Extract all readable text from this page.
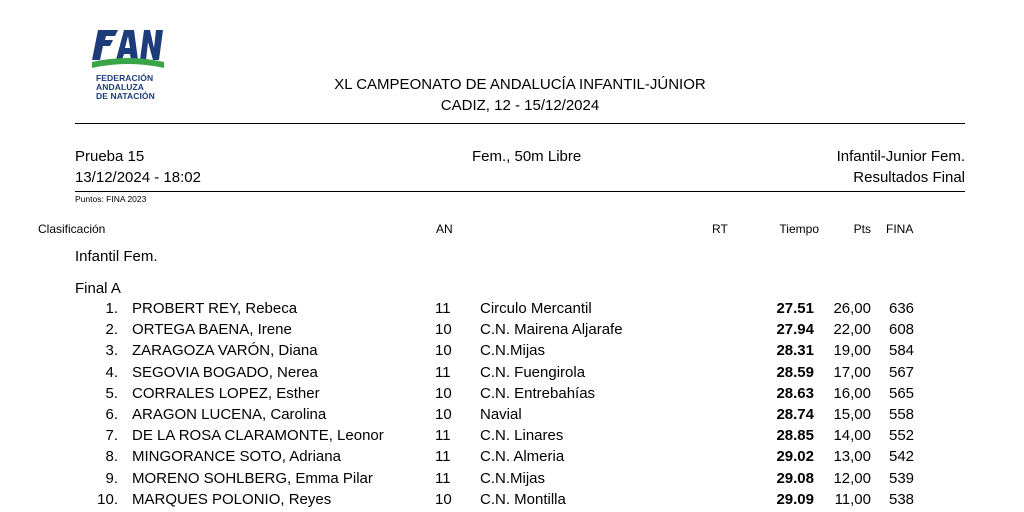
FEDERACIÓN
ANDALUZA
DE NATACIÓN
XL CAMPEONATO DE ANDALUCÍA INFANTIL-JÚNIOR
CADIZ, 12 - 15/12/2024
Prueba 15
13/12/2024 - 18:02
Fem., 50m Libre	Infantil-Junior Fem.
Resultados Final
Puntos: FINA 2023
Clasificación	AN	RT	Tiempo	Pts FINA
Infantil Fem.
Final A
1. PROBERT REY, Rebeca	11 Circulo Mercantil	27.51 26,00 636
2. ORTEGA BAENA, Irene	10 C.N. Mairena Aljarafe	27.94 22,00 608
3. ZARAGOZA VARÓN, Diana	10 C.N.Mijas	28.31 19,00 584
4. SEGOVIA BOGADO, Nerea	11 C.N. Fuengirola	28.59 17,00 567
5. CORRALES LOPEZ, Esther	10 C.N. Entrebahías	28.63 16,00 565
6. ARAGON LUCENA, Carolina	10 Navial	28.74 15,00 558
7. DE LA ROSA CLARAMONTE, Leonor	11 C.N. Linares	28.85 14,00 552
8. MINGORANCE SOTO, Adriana	11 C.N. Almeria	29.02 13,00 542
9. MORENO SOHLBERG, Emma Pilar	11 C.N.Mijas	29.08 12,00 539
10. MARQUES POLONIO, Reyes	10 C.N. Montilla	29.09 11,00 538
